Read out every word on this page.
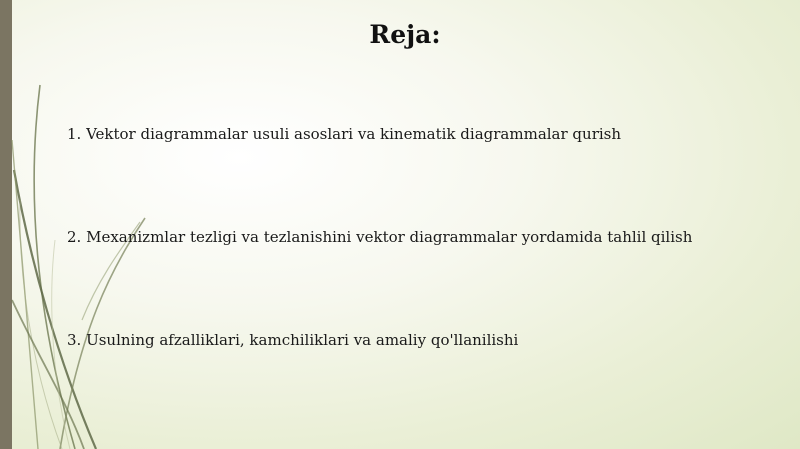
Reja:
1. Vektor diagrammalar usuli asoslari va kinematik diagrammalar qurish
2. Mexanizmlar tezligi va tezlanishini vektor diagrammalar yordamida tahlil qilish
3. Usulning afzalliklari, kamchiliklari va amaliy qo'llanilishi
